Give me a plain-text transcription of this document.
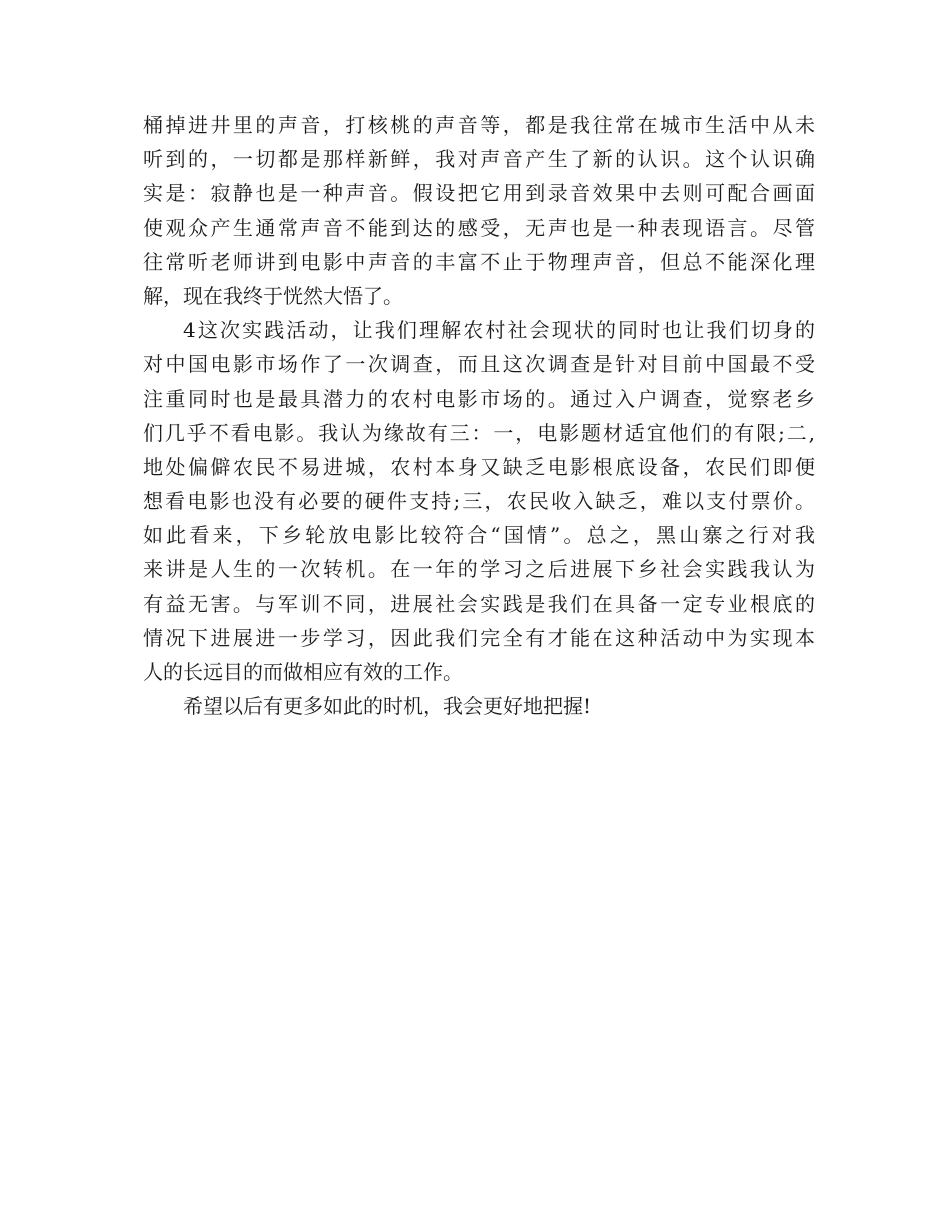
桶掉进井里的声音，打核桃的声音等，都是我往常在城市生活中从未
听到的，一切都是那样新鲜，我对声音产生了新的认识。这个认识确
实是：寂静也是一种声音。假设把它用到录音效果中去则可配合画面
使观众产生通常声音不能到达的感受，无声也是一种表现语言。尽管
往常听老师讲到电影中声音的丰富不止于物理声音，但总不能深化理
解，现在我终于恍然大悟了。
4这次实践活动，让我们理解农村社会现状的同时也让我们切身的
对中国电影市场作了一次调查，而且这次调查是针对目前中国最不受
注重同时也是最具潜力的农村电影市场的。通过入户调查，觉察老乡
们几乎不看电影。我认为缘故有三：一，电影题材适宜他们的有限;二,
地处偏僻农民不易进城，农村本身又缺乏电影根底设备，农民们即便
想看电影也没有必要的硬件支持;三，农民收入缺乏，难以支付票价。
如此看来，下乡轮放电影比较符合“国情”。总之，黑山寨之行对我
来讲是人生的一次转机。在一年的学习之后进展下乡社会实践我认为
有益无害。与军训不同，进展社会实践是我们在具备一定专业根底的
情况下进展进一步学习，因此我们完全有才能在这种活动中为实现本
人的长远目的而做相应有效的工作。
希望以后有更多如此的时机，我会更好地把握!
